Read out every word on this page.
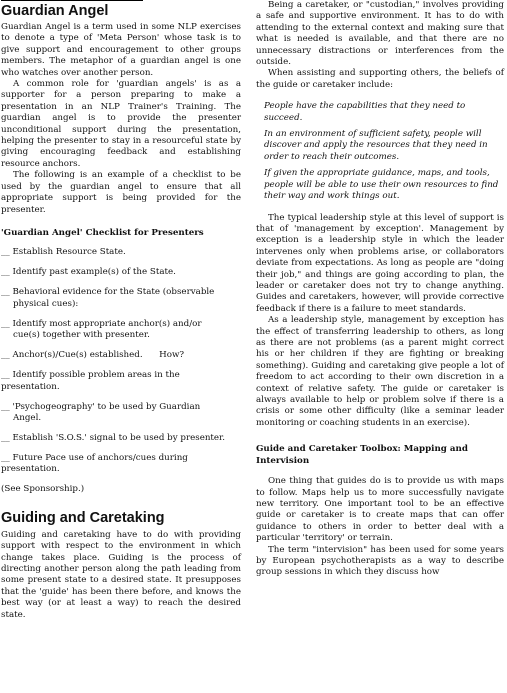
Guardian Angel

Guardian Angel is a term used in some NLP exercises to denote a type of 'Meta Person' whose task is to give support and encouragement to other groups members. The metaphor of a guardian angel is one who watches over another person.

A common role for 'guardian angels' is as a supporter for a person preparing to make a presentation in an NLP Trainer's Training. The guardian angel is to provide the presenter unconditional support during the presentation, helping the presenter to stay in a resourceful state by giving encouraging feedback and establishing resource anchors.

The following is an example of a checklist to be used by the guardian angel to ensure that all appropriate support is being provided for the presenter.

'Guardian Angel' Checklist for Presenters
__ Establish Resource State.
__ Identify past example(s) of the State.
__ Behavioral evidence for the State (observable
physical cues):
__ Identify most appropriate anchor(s) and/or
cue(s) together with presenter.
__ Anchor(s)/Cue(s) established.      How?
__ Identify possible problem areas in the presentation.
__ 'Psychogeography' to be used by Guardian
Angel.
__ Establish 'S.O.S.' signal to be used by presenter.
__ Future Pace use of anchors/cues during presentation.

(See Sponsorship.)

Guiding and Caretaking

Guiding and caretaking have to do with providing support with respect to the environment in which change takes place. Guiding is the process of directing another person along the path leading from some present state to a desired state. It presupposes that the 'guide' has been there before, and knows the best way (or at least a way) to reach the desired state.

Being a caretaker, or "custodian," involves providing a safe and supportive environment. It has to do with attending to the external context and making sure that what is needed is available, and that there are no unnecessary distractions or interferences from the outside.

When assisting and supporting others, the beliefs of the guide or caretaker include:

People have the capabilities that they need to succeed.

In an environment of sufficient safety, people will discover and apply the resources that they need in order to reach their outcomes.

If given the appropriate guidance, maps, and tools, people will be able to use their own resources to find their way and work things out.

The typical leadership style at this level of support is that of 'management by exception'. Management by exception is a leadership style in which the leader intervenes only when problems arise, or collaborators deviate from expectations. As long as people are "doing their job," and things are going according to plan, the leader or caretaker does not try to change anything. Guides and caretakers, however, will provide corrective feedback if there is a failure to meet standards.

As a leadership style, management by exception has the effect of transferring leadership to others, as long as there are not problems (as a parent might correct his or her children if they are fighting or breaking something). Guiding and caretaking give people a lot of freedom to act according to their own discretion in a context of relative safety. The guide or caretaker is always available to help or problem solve if there is a crisis or some other difficulty (like a seminar leader monitoring or coaching students in an exercise).

Guide and Caretaker Toolbox: Mapping and Intervision

One thing that guides do is to provide us with maps to follow. Maps help us to more successfully navigate new territory. One important tool to be an effective guide or caretaker is to create maps that can offer guidance to others in order to better deal with a particular 'territory' or terrain.

The term "intervision" has been used for some years by European psychotherapists as a way to describe group sessions in which they discuss how
